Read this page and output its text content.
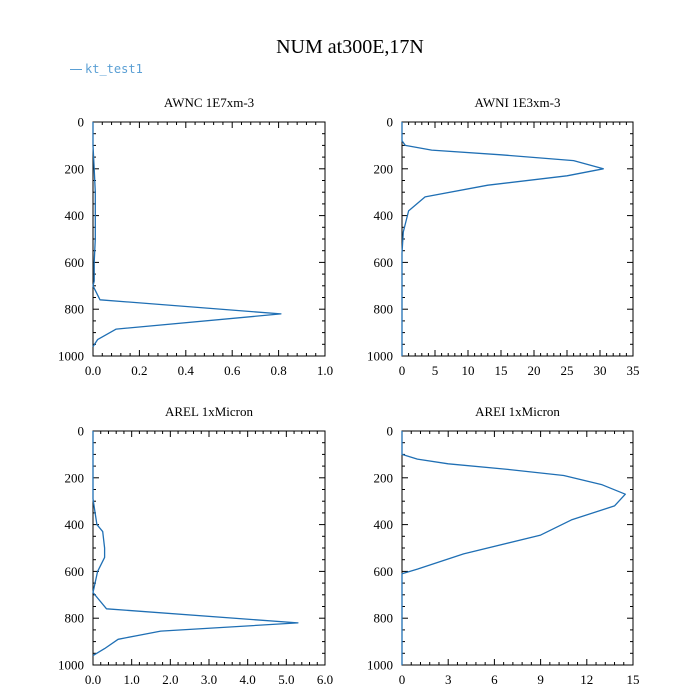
NUM at300E,17N
kt_test1
AWNC 1E7xm-3
0.0 0.2 0.4 0.6 0.8 1.0
0
200
400
600
800
1000
AWNI 1E3xm-3
0 5 10 15 20 25 30 35
0
200
400
600
800
1000
AREL 1xMicron
0.0 1.0 2.0 3.0 4.0 5.0 6.0
0
200
400
600
800
1000
AREI 1xMicron
0	3	6	9	12	15
0
200
400
600
800
1000
